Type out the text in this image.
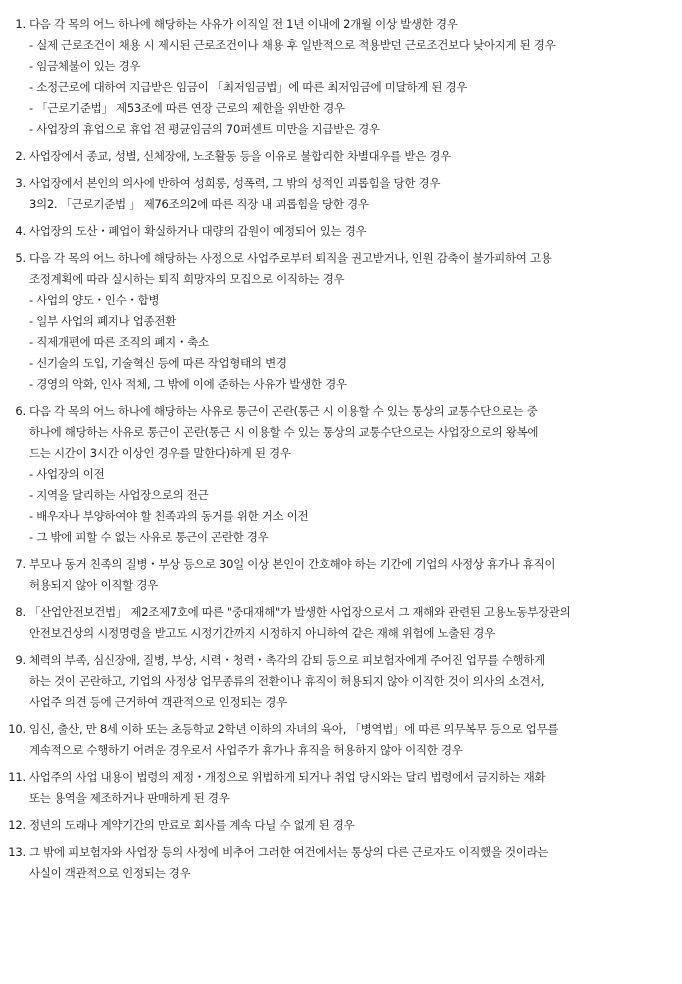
1. 다음 각 목의 어느 하나에 해당하는 사유가 이직일 전 1년 이내에 2개월 이상 발생한 경우
- 실제 근로조건이 채용 시 제시된 근로조건이나 채용 후 일반적으로 적용받던 근로조건보다 낮아지게 된 경우
- 임금체불이 있는 경우
- 소정근로에 대하여 지급받은 임금이 「최저임금법」에 따른 최저임금에 미달하게 된 경우
- 「근로기준법」 제53조에 따른 연장 근로의 제한을 위반한 경우
- 사업장의 휴업으로 휴업 전 평균임금의 70퍼센트 미만을 지급받은 경우
2. 사업장에서 종교, 성별, 신체장애, 노조활동 등을 이유로 불합리한 차별대우를 받은 경우
3. 사업장에서 본인의 의사에 반하여 성희롱, 성폭력, 그 밖의 성적인 괴롭힘을 당한 경우
3의2. 「근로기준법 」 제76조의2에 따른 직장 내 괴롭힘을 당한 경우
4. 사업장의 도산・폐업이 확실하거나 대량의 감원이 예정되어 있는 경우
5. 다음 각 목의 어느 하나에 해당하는 사정으로 사업주로부터 퇴직을 권고받거나, 인원 감축이 불가피하여 고용
조정계획에 따라 실시하는 퇴직 희망자의 모집으로 이직하는 경우
- 사업의 양도・인수・합병
- 일부 사업의 폐지나 업종전환
- 직제개편에 따른 조직의 폐지・축소
- 신기술의 도입, 기술혁신 등에 따른 작업형태의 변경
- 경영의 악화, 인사 적체, 그 밖에 이에 준하는 사유가 발생한 경우
6. 다음 각 목의 어느 하나에 해당하는 사유로 통근이 곤란(통근 시 이용할 수 있는 통상의 교통수단으로는 중
하나에 해당하는 사유로 통근이 곤란(통근 시 이용할 수 있는 통상의 교통수단으로는 사업장으로의 왕복에
드는 시간이 3시간 이상인 경우를 말한다)하게 된 경우
- 사업장의 이전
- 지역을 달리하는 사업장으로의 전근
- 배우자나 부양하여야 할 친족과의 동거를 위한 거소 이전
- 그 밖에 피할 수 없는 사유로 통근이 곤란한 경우
7. 부모나 동거 친족의 질병・부상 등으로 30일 이상 본인이 간호해야 하는 기간에 기업의 사정상 휴가나 휴직이
허용되지 않아 이직할 경우
8. 「산업안전보건법」 제2조제7호에 따른 "중대재해"가 발생한 사업장으로서 그 재해와 관련된 고용노동부장관의
안전보건상의 시정명령을 받고도 시정기간까지 시정하지 아니하여 같은 재해 위험에 노출된 경우
9. 체력의 부족, 심신장애, 질병, 부상, 시력・청력・촉각의 감퇴 등으로 피보험자에게 주어진 업무를 수행하게
하는 것이 곤란하고, 기업의 사정상 업무종류의 전환이나 휴직이 허용되지 않아 이직한 것이 의사의 소견서,
사업주 의견 등에 근거하여 객관적으로 인정되는 경우
10. 임신, 출산, 만 8세 이하 또는 초등학교 2학년 이하의 자녀의 육아, 「병역법」에 따른 의무복무 등으로 업무를
계속적으로 수행하기 어려운 경우로서 사업주가 휴가나 휴직을 허용하지 않아 이직한 경우
11. 사업주의 사업 내용이 법령의 제정・개정으로 위법하게 되거나 취업 당시와는 달리 법령에서 금지하는 재화
또는 용역을 제조하거나 판매하게 된 경우
12. 정년의 도래나 계약기간의 만료로 회사를 계속 다닐 수 없게 된 경우
13. 그 밖에 피보험자와 사업장 등의 사정에 비추어 그러한 여건에서는 통상의 다른 근로자도 이직했을 것이라는
사실이 객관적으로 인정되는 경우
